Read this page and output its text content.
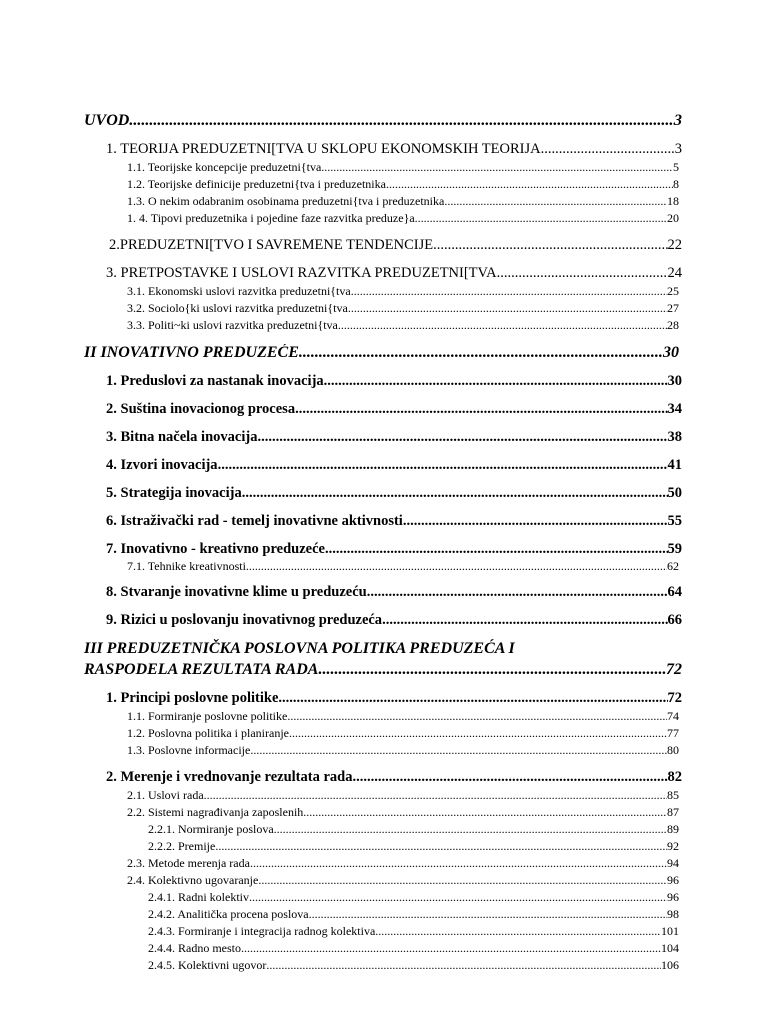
UVOD .....	3
1. TEORIJA PREDUZETNI[TVA U SKLOPU EKONOMSKIH TEORIJA .....	3
1.1. Teorijske koncepcije preduzetni{tva .....	5
1.2. Teorijske definicije preduzetni{tva i preduzetnika .....	8
1.3. O nekim odabranim osobinama preduzetni{tva i preduzetnika .....	18
1. 4. Tipovi preduzetnika i pojedine faze razvitka preduze}a .....	20
2.PREDUZETNI[TVO I SAVREMENE TENDENCIJE .....	22
3. PRETPOSTAVKE I USLOVI RAZVITKA PREDUZETNI[TVA .....	24
3.1. Ekonomski uslovi razvitka preduzetni{tva .....	25
3.2. Sociolo{ki uslovi razvitka preduzetni{tva .....	27
3.3. Politi~ki uslovi razvitka preduzetni{tva .....	28
II INOVATIVNO PREDUZEĆE .....	30
1. Preduslovi za nastanak inovacija .....	30
2. Suština inovacionog procesa .....	34
3. Bitna načela inovacija .....	38
4. Izvori inovacija .....	41
5. Strategija inovacija .....	50
6. Istraživački rad - temelj inovativne aktivnosti .....	55
7. Inovativno - kreativno preduzeće .....	59
7.1. Tehnike kreativnosti .....	62
8. Stvaranje inovativne klime u preduzeću .....	64
9. Rizici u poslovanju inovativnog preduzeća .....	66
III PREDUZETNIČKA POSLOVNA POLITIKA PREDUZEĆA I
RASPODELA REZULTATA RADA .....	72
1. Principi poslovne politike .....	72
1.1. Formiranje poslovne politike .....	74
1.2. Poslovna politika i planiranje .....	77
1.3. Poslovne informacije .....	80
2. Merenje i vrednovanje rezultata rada .....	82
2.1. Uslovi rada .....	85
2.2. Sistemi nagrađivanja zaposlenih .....	87
2.2.1. Normiranje poslova .....	89
2.2.2. Premije .....	92
2.3. Metode merenja rada .....	94
2.4. Kolektivno ugovaranje .....	96
2.4.1. Radni kolektiv .....	96
2.4.2. Analitička procena poslova .....	98
2.4.3. Formiranje i integracija radnog kolektiva .....	101
2.4.4. Radno mesto .....	104
2.4.5. Kolektivni ugovor .....	106
